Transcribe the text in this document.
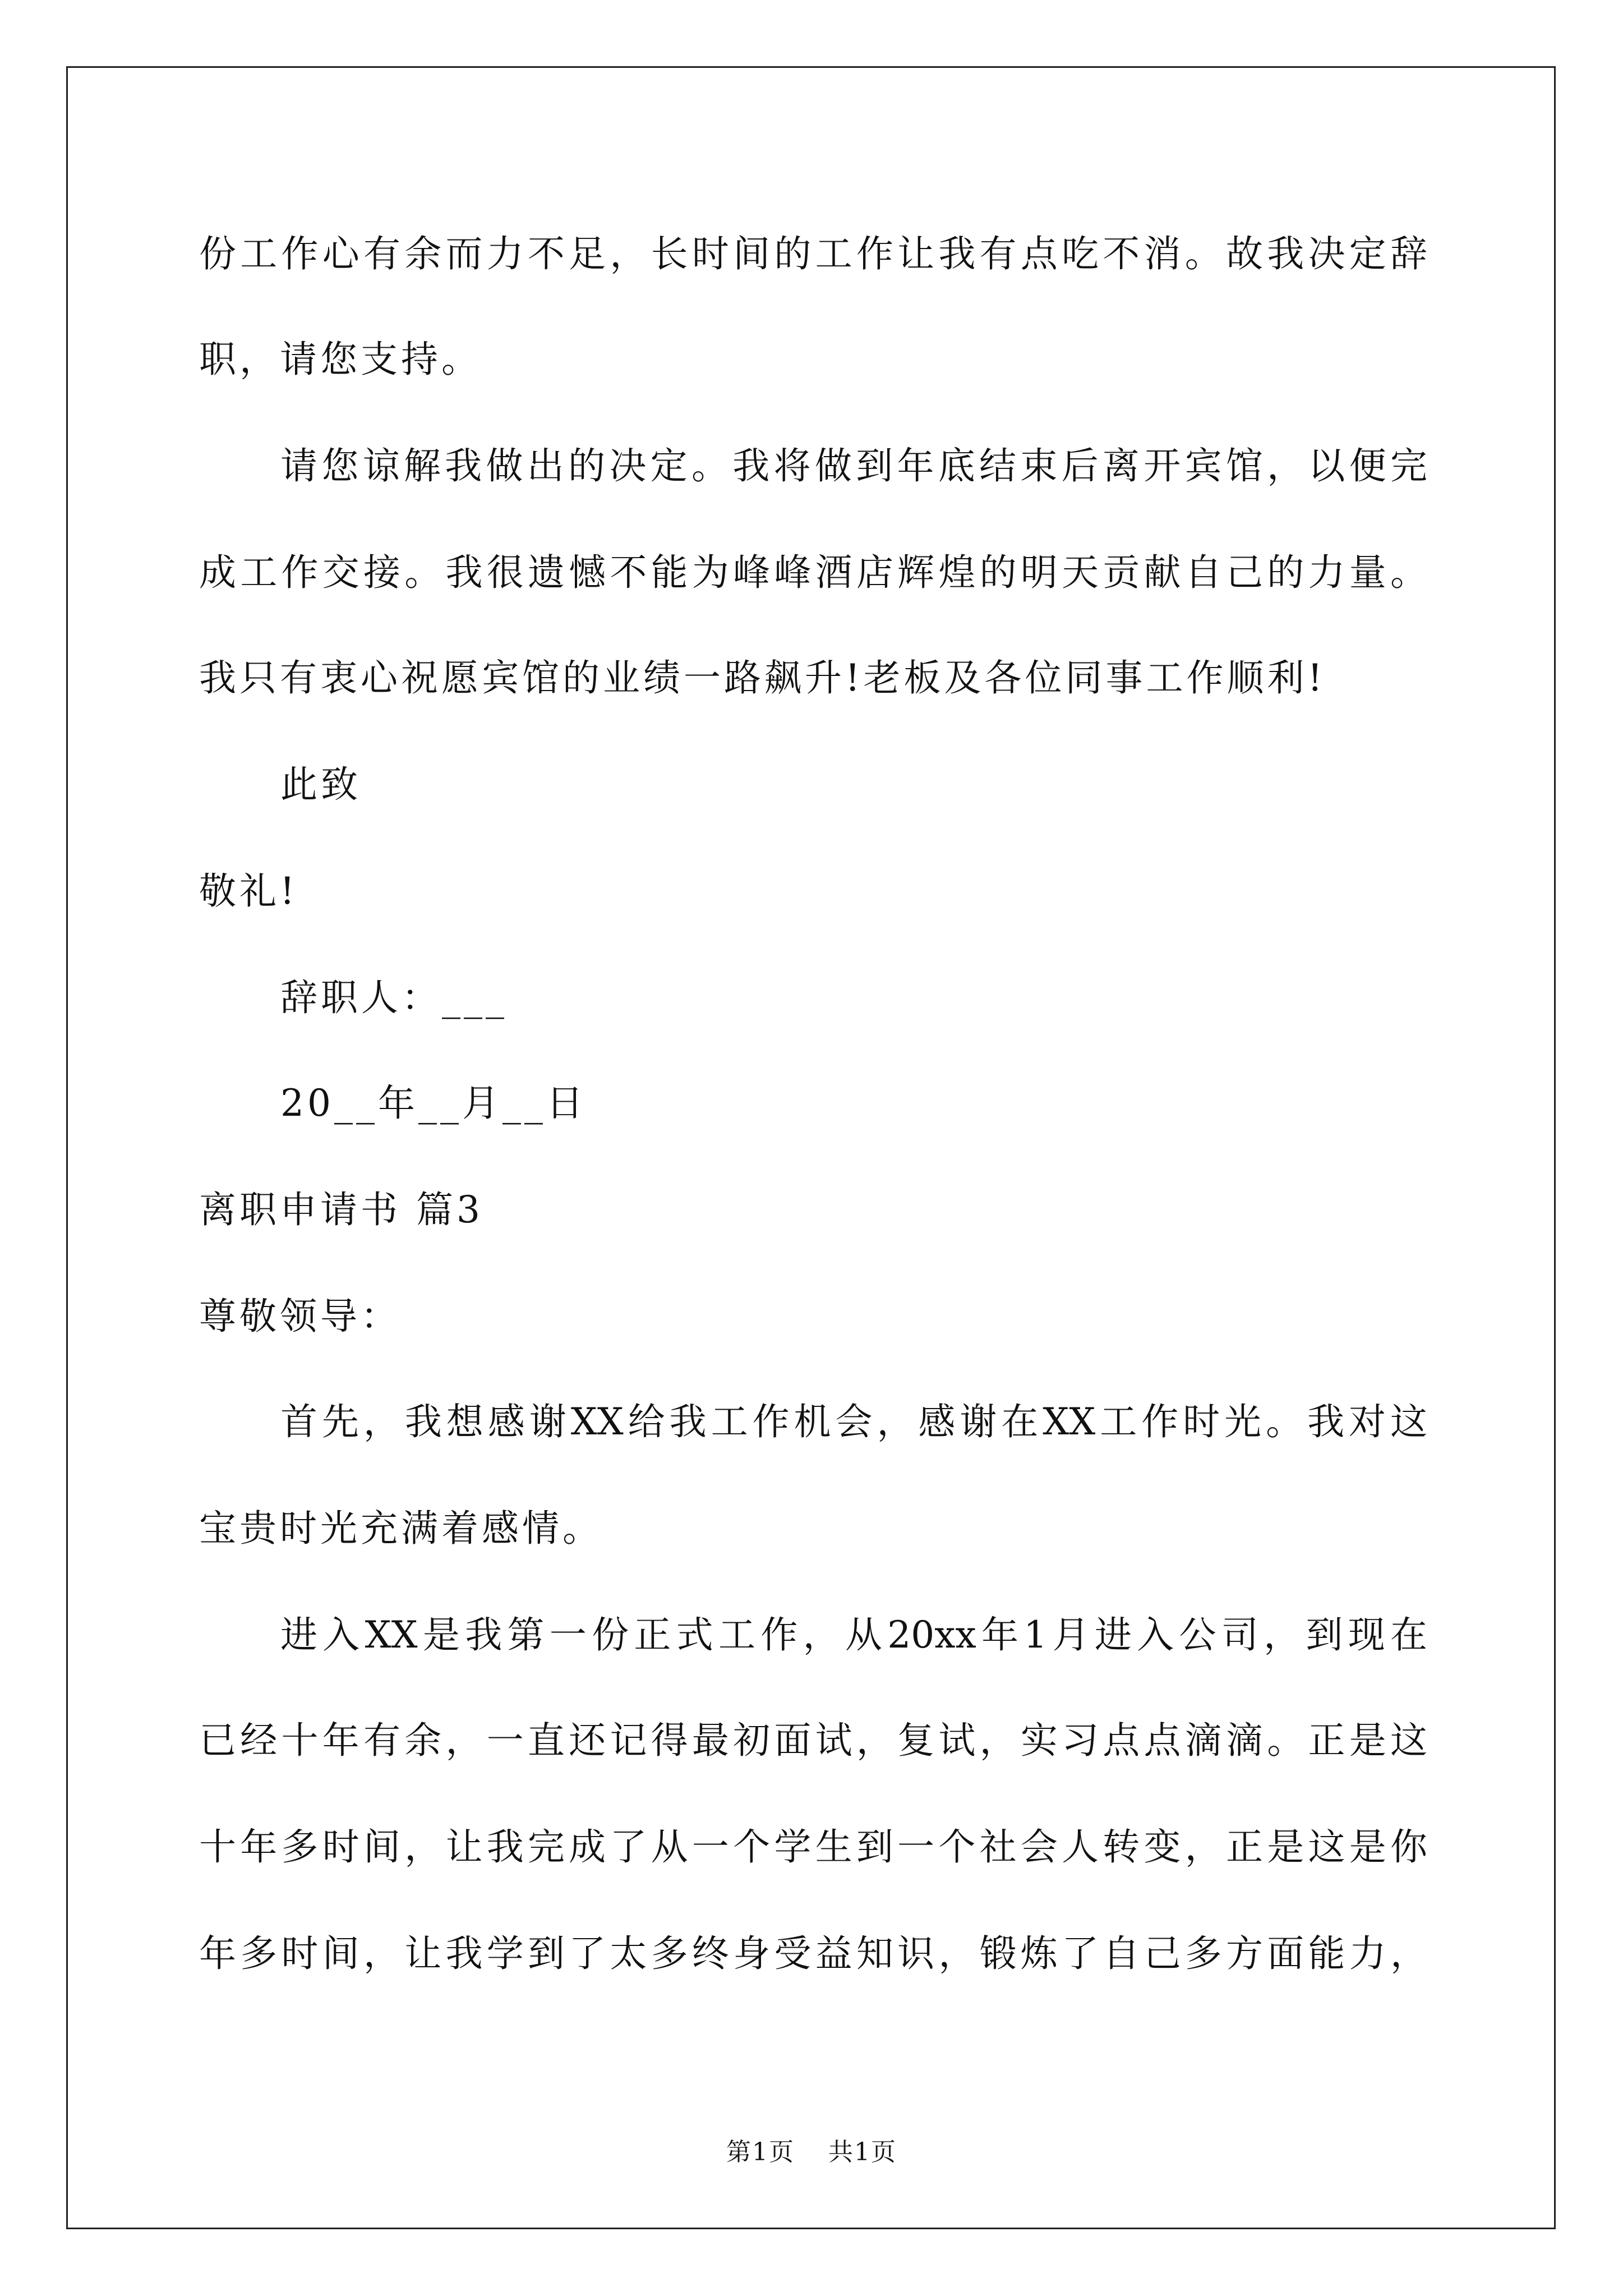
份工作心有余而力不足，长时间的工作让我有点吃不消。故我决定辞
职，请您支持。
请您谅解我做出的决定。我将做到年底结束后离开宾馆，以便完
成工作交接。我很遗憾不能为峰峰酒店辉煌的明天贡献自己的力量。
我只有衷心祝愿宾馆的业绩一路飙升!老板及各位同事工作顺利!
此致
敬礼!
辞职人：___
20__年__月__日
离职申请书 篇3
尊敬领导：
首先，我想感谢XX给我工作机会，感谢在XX工作时光。我对这
宝贵时光充满着感情。
进入XX是我第一份正式工作，从20xx年1月进入公司，到现在
已经十年有余，一直还记得最初面试，复试，实习点点滴滴。正是这
十年多时间，让我完成了从一个学生到一个社会人转变，正是这是你
年多时间，让我学到了太多终身受益知识，锻炼了自己多方面能力，
第1页 共1页
